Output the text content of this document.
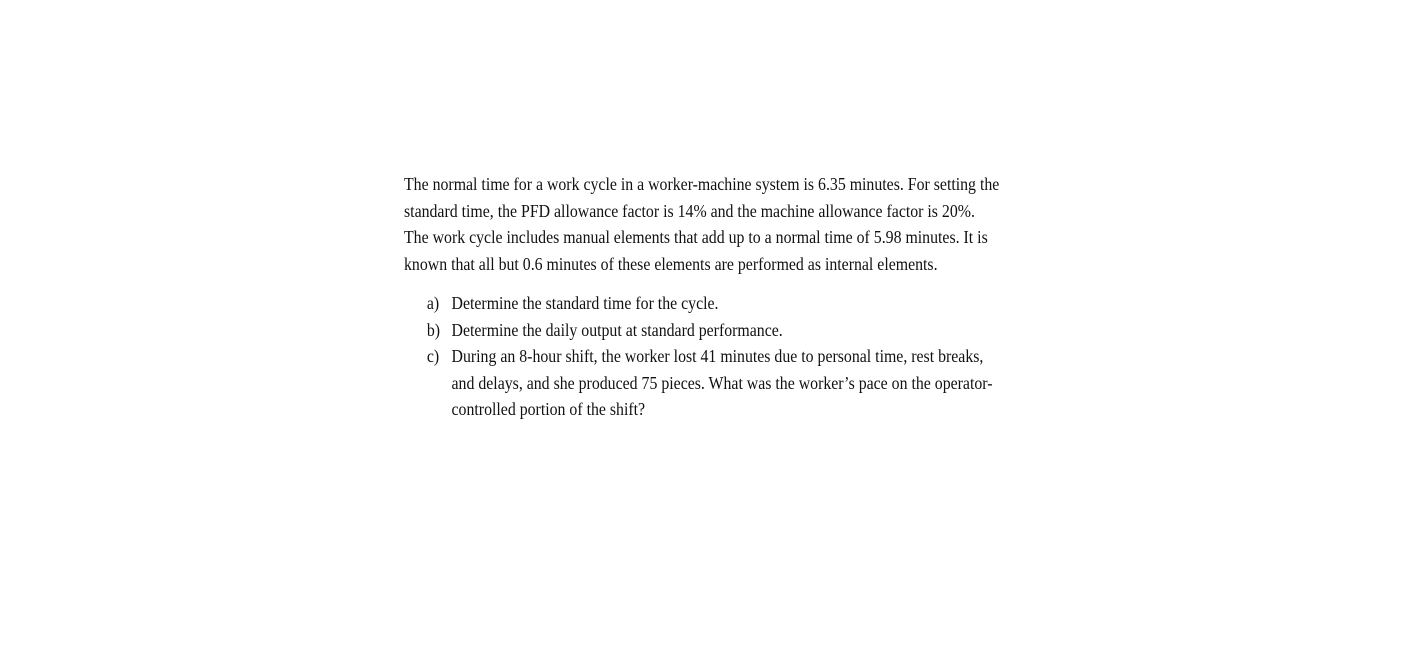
The normal time for a work cycle in a worker-machine system is 6.35 minutes. For setting the
standard time, the PFD allowance factor is 14% and the machine allowance factor is 20%.
The work cycle includes manual elements that add up to a normal time of 5.98 minutes. It is
known that all but 0.6 minutes of these elements are performed as internal elements.

a) Determine the standard time for the cycle.
b) Determine the daily output at standard performance.
c) During an 8-hour shift, the worker lost 41 minutes due to personal time, rest breaks,
and delays, and she produced 75 pieces. What was the worker’s pace on the operator-
controlled portion of the shift?
